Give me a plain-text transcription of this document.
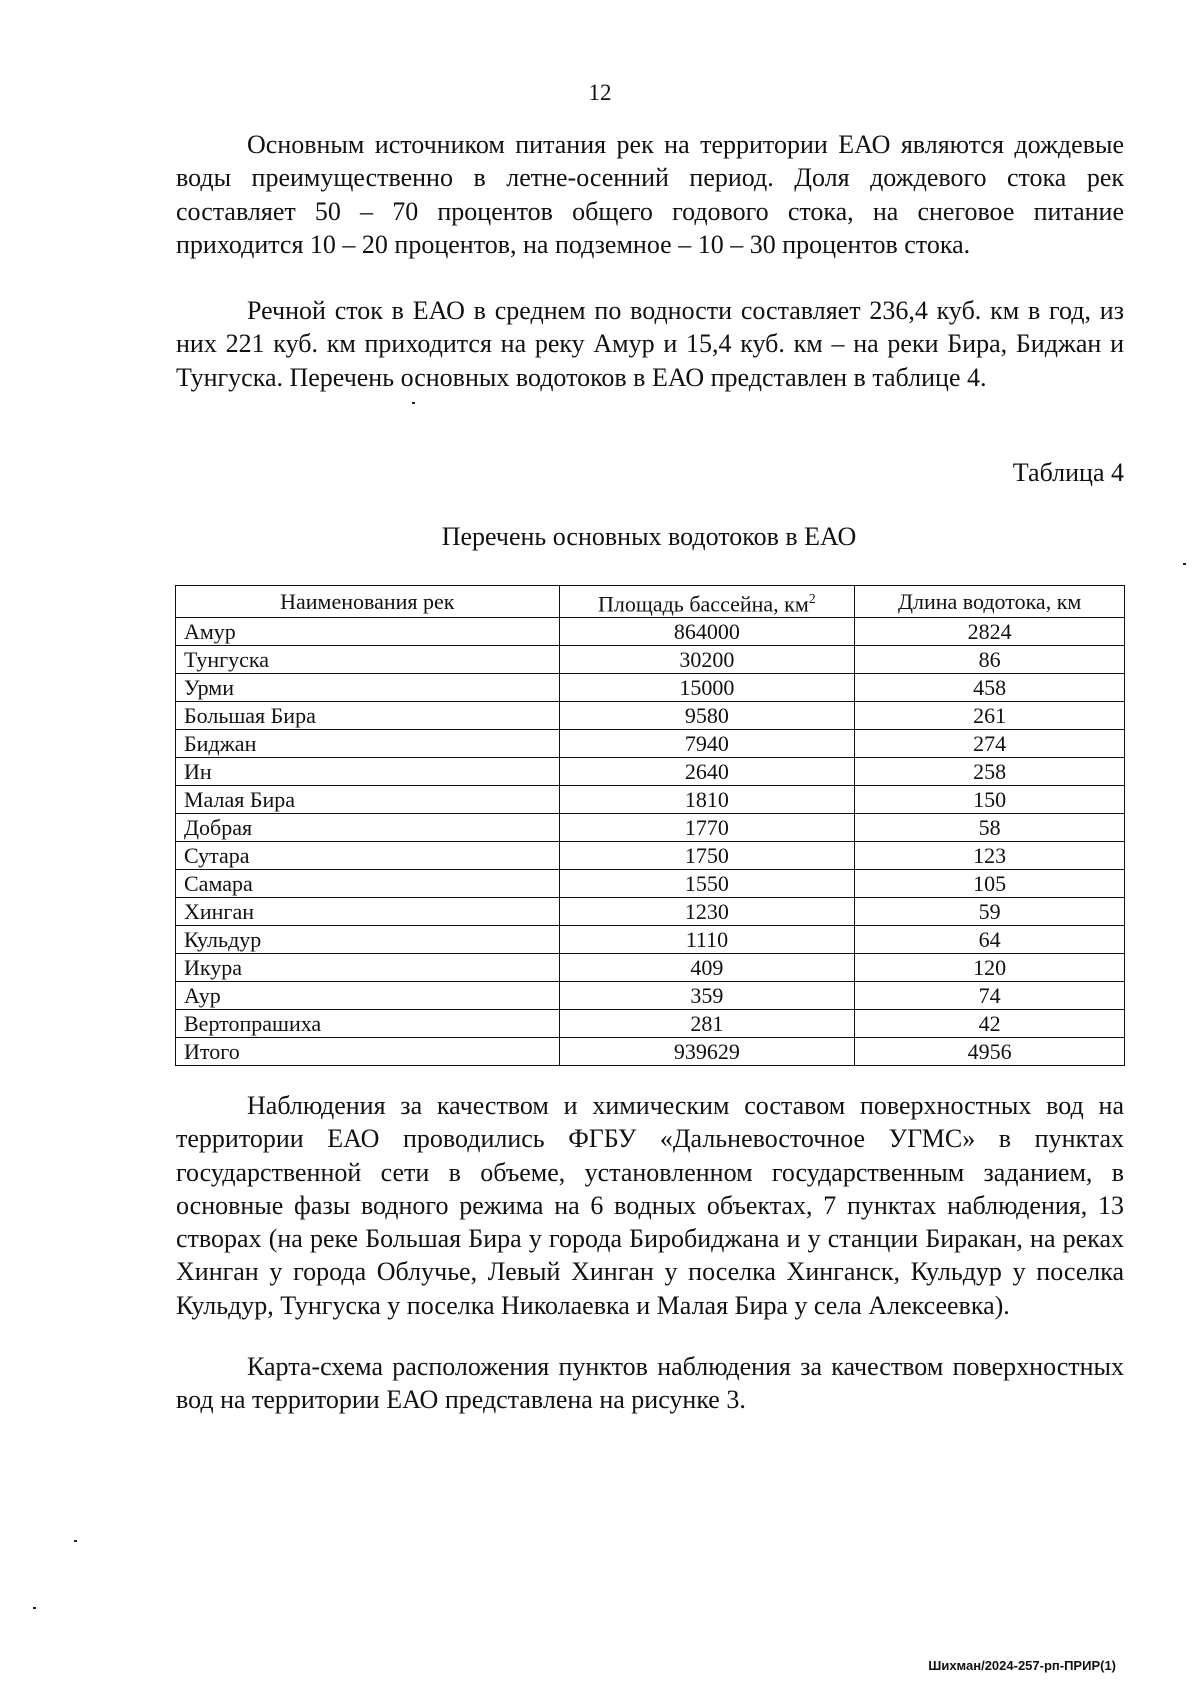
12

Основным источником питания рек на территории ЕАО являются дождевые воды преимущественно в летне-осенний период. Доля дождевого стока рек составляет 50 – 70 процентов общего годового стока, на снеговое питание приходится 10 – 20 процентов, на подземное – 10 – 30 процентов стока.

Речной сток в ЕАО в среднем по водности составляет 236,4 куб. км в год, из них 221 куб. км приходится на реку Амур и 15,4 куб. км – на реки Бира, Биджан и Тунгуска. Перечень основных водотоков в ЕАО представлен в таблице 4.

Таблица 4
Перечень основных водотоков в ЕАО
Наименования рек	Площадь бассейна, $км^2$	Длина водотока, км
Амур	864000	2824
Тунгуска	30200	86
Урми	15000	458
Большая Бира	9580	261
Биджан	7940	274
Ин	2640	258
Малая Бира	1810	150
Добрая	1770	58
Сутара	1750	123
Самара	1550	105
Хинган	1230	59
Кульдур	1110	64
Икура	409	120
Аур	359	74
Вертопрашиха	281	42
Итого	939629	4956

Наблюдения за качеством и химическим составом поверхностных вод на территории ЕАО проводились ФГБУ «Дальневосточное УГМС» в пунктах государственной сети в объеме, установленном государственным заданием, в основные фазы водного режима на 6 водных объектах, 7 пунктах наблюдения, 13 створах (на реке Большая Бира у города Биробиджана и у станции Биракан, на реках Хинган у города Облучье, Левый Хинган у поселка Хинганск, Кульдур у поселка Кульдур, Тунгуска у поселка Николаевка и Малая Бира у села Алексеевка).

Карта-схема расположения пунктов наблюдения за качеством поверхностных вод на территории ЕАО представлена на рисунке 3.

Шихман/2024-257-рп-ПРИР(1)
